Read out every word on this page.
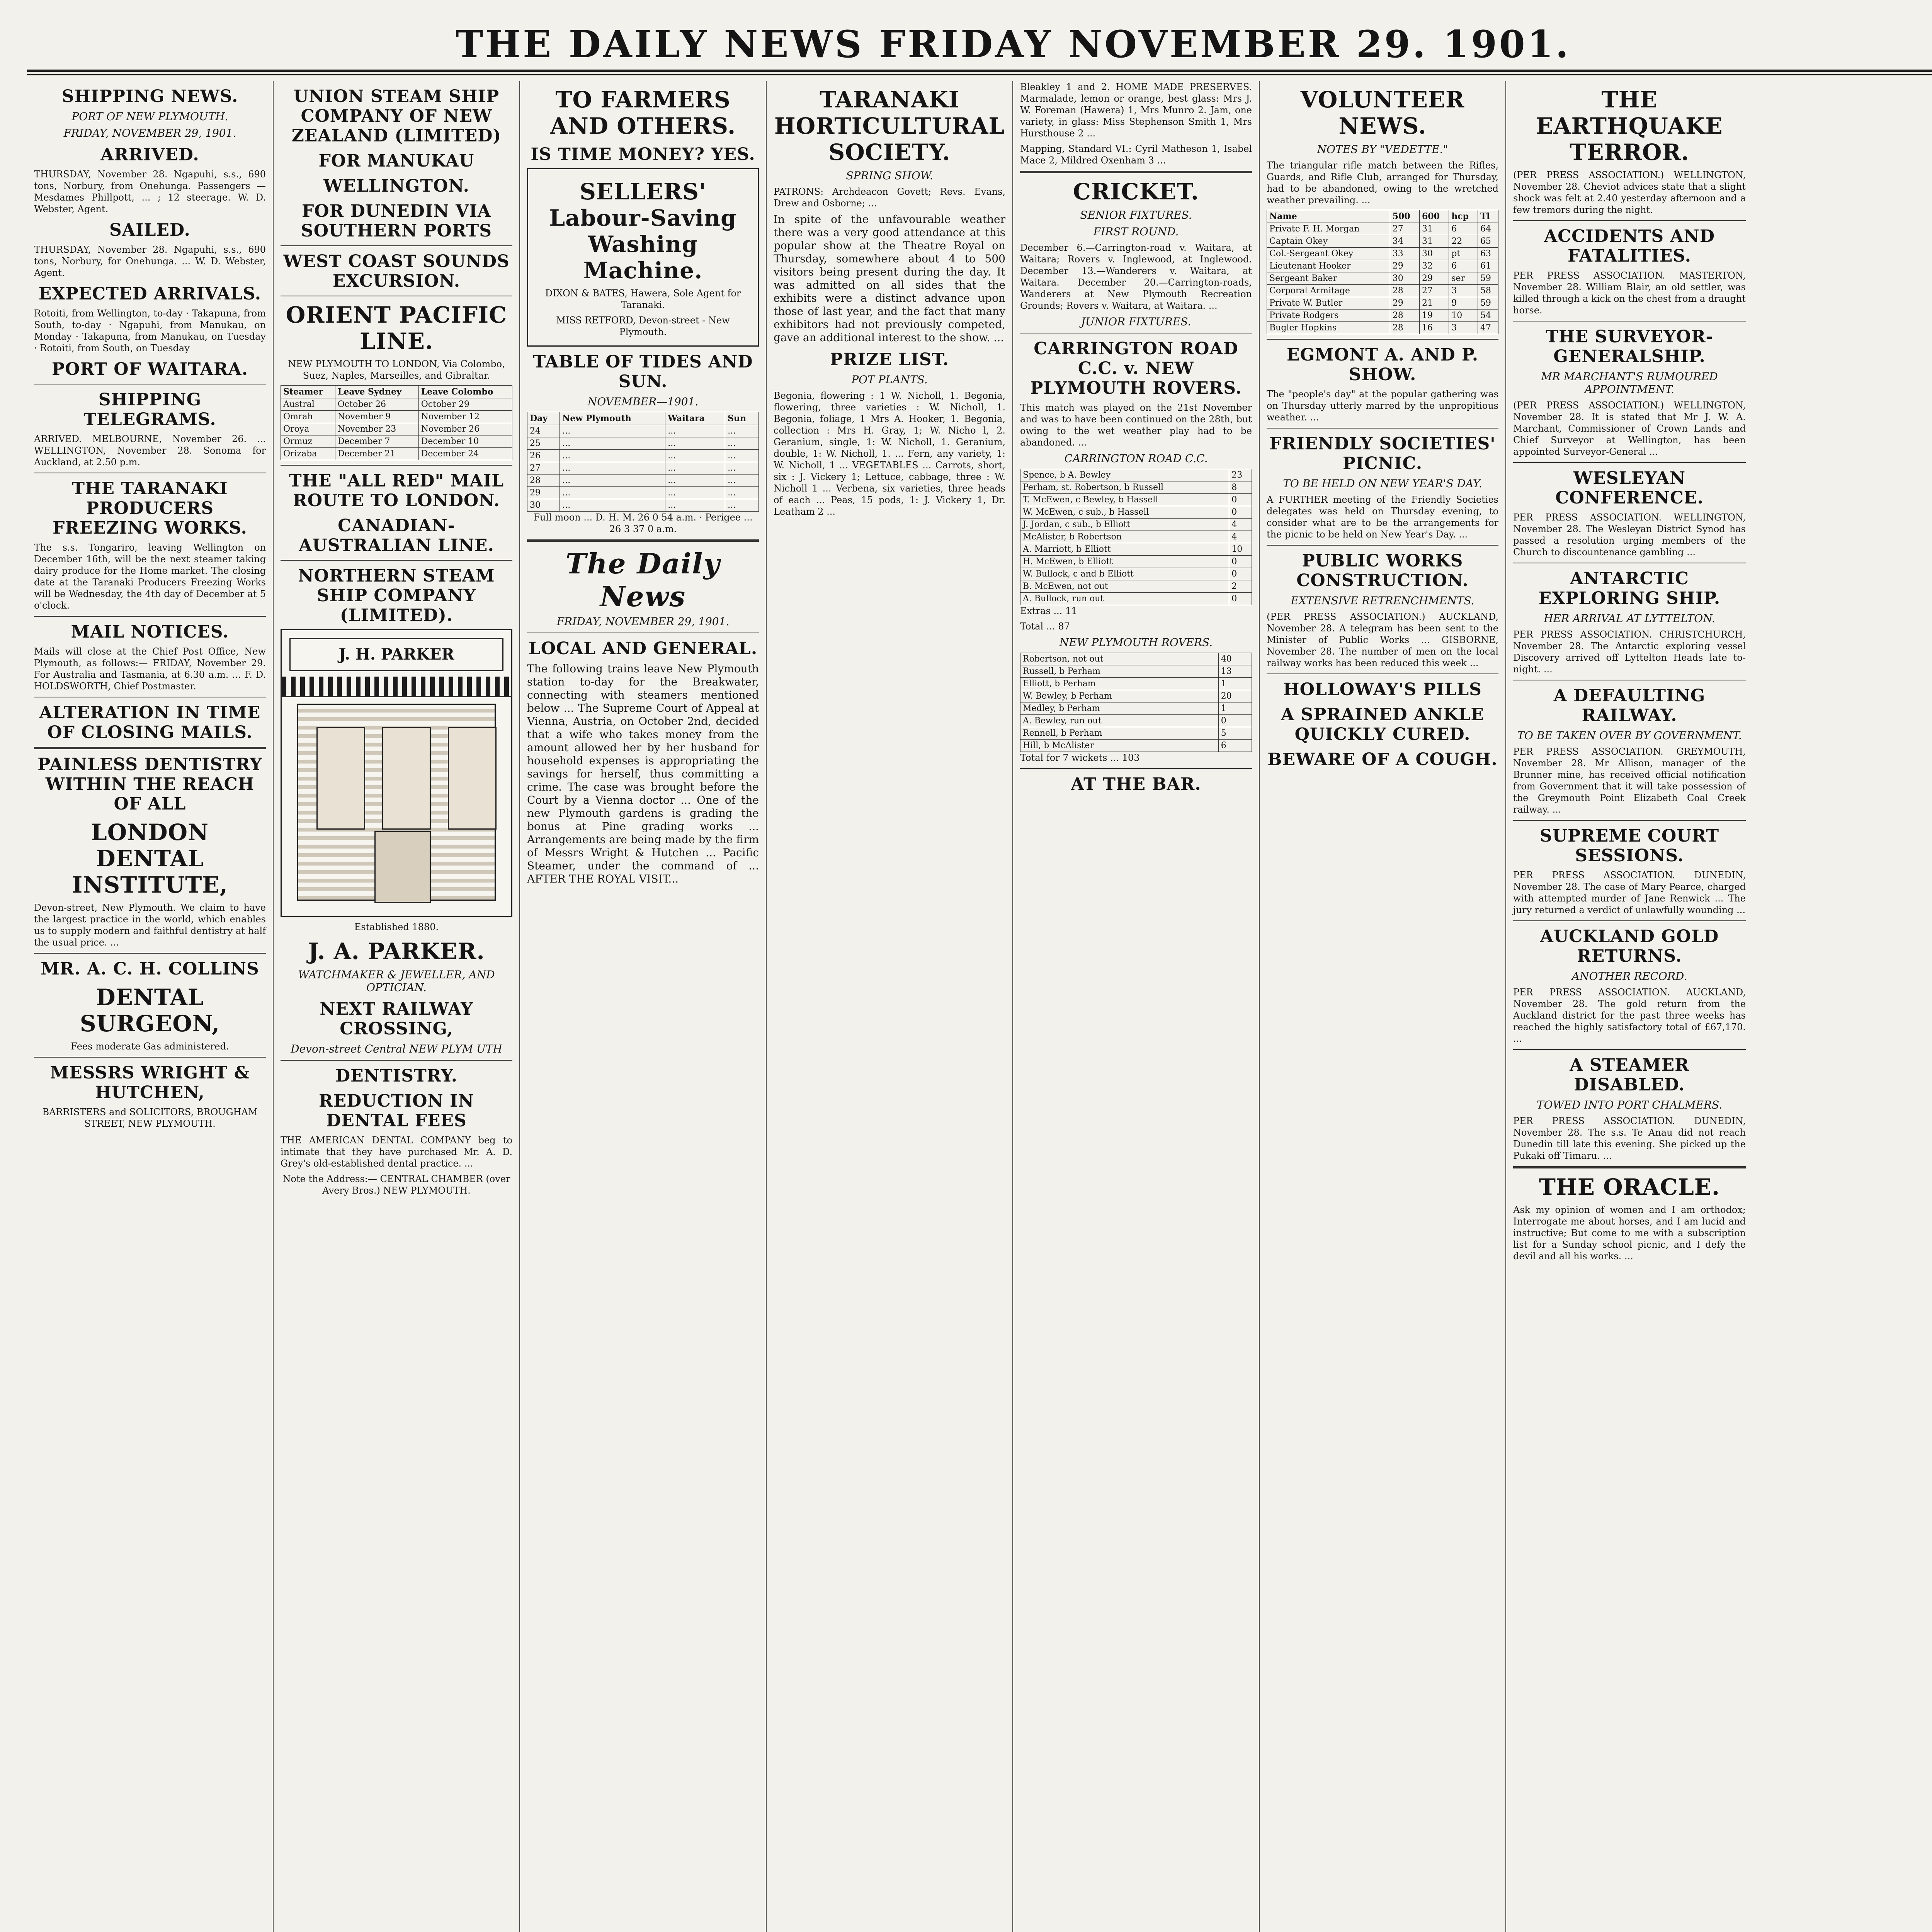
THE DAILY NEWS FRIDAY NOVEMBER 29. 1901.
SHIPPING NEWS.
PORT OF NEW PLYMOUTH.
FRIDAY, NOVEMBER 29, 1901.
ARRIVED.
THURSDAY, November 28. Ngapuhi, s.s., 690 tons, Norbury, from Onehunga. Passengers — Mesdames Phillpott, ... ; 12 steerage. W. D. Webster, Agent.
SAILED.
THURSDAY, November 28. Ngapuhi, s.s., 690 tons, Norbury, for Onehunga. ... W. D. Webster, Agent.
EXPECTED ARRIVALS.
Rotoiti, from Wellington, to-day · Takapuna, from South, to-day · Ngapuhi, from Manukau, on Monday · Takapuna, from Manukau, on Tuesday · Rotoiti, from South, on Tuesday
PORT OF WAITARA.
SHIPPING TELEGRAMS.
ARRIVED. MELBOURNE, November 26. ... WELLINGTON, November 28. Sonoma for Auckland, at 2.50 p.m.
THE TARANAKI PRODUCERS FREEZING WORKS.
The s.s. Tongariro, leaving Wellington on December 16th, will be the next steamer taking dairy produce for the Home market. The closing date at the Taranaki Producers Freezing Works will be Wednesday, the 4th day of December at 5 o'clock.
MAIL NOTICES.
Mails will close at the Chief Post Office, New Plymouth, as follows:— FRIDAY, November 29. For Australia and Tasmania, at 6.30 a.m. ... F. D. HOLDSWORTH, Chief Postmaster.
ALTERATION IN TIME OF CLOSING MAILS.
PAINLESS DENTISTRY WITHIN THE REACH OF ALL
LONDON DENTAL INSTITUTE,
Devon-street, New Plymouth. We claim to have the largest practice in the world, which enables us to supply modern and faithful dentistry at half the usual price. ...
MR. A. C. H. COLLINS
DENTAL SURGEON,
Fees moderate Gas administered.
MESSRS WRIGHT & HUTCHEN,
BARRISTERS and SOLICITORS, BROUGHAM STREET, NEW PLYMOUTH.
UNION STEAM SHIP COMPANY OF NEW ZEALAND (LIMITED)
FOR MANUKAU
WELLINGTON.
FOR DUNEDIN VIA SOUTHERN PORTS
WEST COAST SOUNDS EXCURSION.
ORIENT PACIFIC LINE.
NEW PLYMOUTH TO LONDON, Via Colombo, Suez, Naples, Marseilles, and Gibraltar.
Steamer	Leave Sydney	Leave Colombo
Austral	October 26	October 29
Omrah	November 9	November 12
Oroya	November 23	November 26
Ormuz	December 7	December 10
Orizaba	December 21	December 24
THE "ALL RED" MAIL ROUTE TO LONDON.
CANADIAN-AUSTRALIAN LINE.
NORTHERN STEAM SHIP COMPANY (LIMITED).
J. H. PARKER
Established 1880.
J. A. PARKER.
WATCHMAKER & JEWELLER, AND OPTICIAN.
NEXT RAILWAY CROSSING,
Devon-street Central NEW PLYM UTH
DENTISTRY.
REDUCTION IN DENTAL FEES
THE AMERICAN DENTAL COMPANY beg to intimate that they have purchased Mr. A. D. Grey's old-established dental practice. ...
Note the Address:— CENTRAL CHAMBER (over Avery Bros.) NEW PLYMOUTH.
TO FARMERS AND OTHERS.
IS TIME MONEY? YES.
SELLERS' Labour-Saving Washing Machine.
DIXON & BATES, Hawera, Sole Agent for Taranaki.
MISS RETFORD, Devon-street - New Plymouth.
TABLE OF TIDES AND SUN.
NOVEMBER—1901.
Day	New Plymouth	Waitara	Sun
24	...	...	...
25	...	...	...
26	...	...	...
27	...	...	...
28	...	...	...
29	...	...	...
30	...	...	...
Full moon ... D. H. M. 26 0 54 a.m. · Perigee ... 26 3 37 0 a.m.
The Daily News
FRIDAY, NOVEMBER 29, 1901.
LOCAL AND GENERAL.
The following trains leave New Plymouth station to-day for the Breakwater, connecting with steamers mentioned below ... The Supreme Court of Appeal at Vienna, Austria, on October 2nd, decided that a wife who takes money from the amount allowed her by her husband for household expenses is appropriating the savings for herself, thus committing a crime. The case was brought before the Court by a Vienna doctor ... One of the new Plymouth gardens is grading the bonus at Pine grading works ... Arrangements are being made by the firm of Messrs Wright & Hutchen ... Pacific Steamer, under the command of ... AFTER THE ROYAL VISIT...
TARANAKI HORTICULTURAL SOCIETY.
SPRING SHOW.
PATRONS: Archdeacon Govett; Revs. Evans, Drew and Osborne; ...
In spite of the unfavourable weather there was a very good attendance at this popular show at the Theatre Royal on Thursday, somewhere about 4 to 500 visitors being present during the day. It was admitted on all sides that the exhibits were a distinct advance upon those of last year, and the fact that many exhibitors had not previously competed, gave an additional interest to the show. ...
PRIZE LIST.
POT PLANTS.
Begonia, flowering : 1 W. Nicholl, 1. Begonia, flowering, three varieties : W. Nicholl, 1. Begonia, foliage, 1 Mrs A. Hooker, 1. Begonia, collection : Mrs H. Gray, 1; W. Nicho l, 2. Geranium, single, 1: W. Nicholl, 1. Geranium, double, 1: W. Nicholl, 1. ... Fern, any variety, 1: W. Nicholl, 1 ... VEGETABLES ... Carrots, short, six : J. Vickery 1; Lettuce, cabbage, three : W. Nicholl 1 ... Verbena, six varieties, three heads of each ... Peas, 15 pods, 1: J. Vickery 1, Dr. Leatham 2 ...
Bleakley 1 and 2. HOME MADE PRESERVES. Marmalade, lemon or orange, best glass: Mrs J. W. Foreman (Hawera) 1, Mrs Munro 2. Jam, one variety, in glass: Miss Stephenson Smith 1, Mrs Hursthouse 2 ...
Mapping, Standard VI.: Cyril Matheson 1, Isabel Mace 2, Mildred Oxenham 3 ...
CRICKET.
SENIOR FIXTURES.
FIRST ROUND.
December 6.—Carrington-road v. Waitara, at Waitara; Rovers v. Inglewood, at Inglewood. December 13.—Wanderers v. Waitara, at Waitara. December 20.—Carrington-roads, Wanderers at New Plymouth Recreation Grounds; Rovers v. Waitara, at Waitara. ...
JUNIOR FIXTURES.
CARRINGTON ROAD C.C. v. NEW PLYMOUTH ROVERS.
This match was played on the 21st November and was to have been continued on the 28th, but owing to the wet weather play had to be abandoned. ...
CARRINGTON ROAD C.C.
Spence, b A. Bewley	23
Perham, st. Robertson, b Russell	8
T. McEwen, c Bewley, b Hassell	0
W. McEwen, c sub., b Hassell	0
J. Jordan, c sub., b Elliott	4
McAlister, b Robertson	4
A. Marriott, b Elliott	10
H. McEwen, b Elliott	0
W. Bullock, c and b Elliott	0
B. McEwen, not out	2
A. Bullock, run out	0
Extras ... 11
Total ... 87
NEW PLYMOUTH ROVERS.
Robertson, not out	40
Russell, b Perham	13
Elliott, b Perham	1
W. Bewley, b Perham	20
Medley, b Perham	1
A. Bewley, run out	0
Rennell, b Perham	5
Hill, b McAlister	6
Total for 7 wickets ... 103
AT THE BAR.
VOLUNTEER NEWS.
NOTES BY "VEDETTE."
The triangular rifle match between the Rifles, Guards, and Rifle Club, arranged for Thursday, had to be abandoned, owing to the wretched weather prevailing. ...
Name	500	600	hcp	Tl
Private F. H. Morgan	27	31	6	64
Captain Okey	34	31	22	65
Col.-Sergeant Okey	33	30	pt	63
Lieutenant Hooker	29	32	6	61
Sergeant Baker	30	29	ser	59
Corporal Armitage	28	27	3	58
Private W. Butler	29	21	9	59
Private Rodgers	28	19	10	54
Bugler Hopkins	28	16	3	47
EGMONT A. AND P. SHOW.
The "people's day" at the popular gathering was on Thursday utterly marred by the unpropitious weather. ...
FRIENDLY SOCIETIES' PICNIC.
TO BE HELD ON NEW YEAR'S DAY.
A FURTHER meeting of the Friendly Societies delegates was held on Thursday evening, to consider what are to be the arrangements for the picnic to be held on New Year's Day. ...
PUBLIC WORKS CONSTRUCTION.
EXTENSIVE RETRENCHMENTS.
(PER PRESS ASSOCIATION.) AUCKLAND, November 28. A telegram has been sent to the Minister of Public Works ... GISBORNE, November 28. The number of men on the local railway works has been reduced this week ...
HOLLOWAY'S PILLS
A SPRAINED ANKLE QUICKLY CURED.
BEWARE OF A COUGH.
THE EARTHQUAKE TERROR.
(PER PRESS ASSOCIATION.) WELLINGTON, November 28. Cheviot advices state that a slight shock was felt at 2.40 yesterday afternoon and a few tremors during the night.
ACCIDENTS AND FATALITIES.
PER PRESS ASSOCIATION. MASTERTON, November 28. William Blair, an old settler, was killed through a kick on the chest from a draught horse.
THE SURVEYOR-GENERALSHIP.
MR MARCHANT'S RUMOURED APPOINTMENT.
(PER PRESS ASSOCIATION.) WELLINGTON, November 28. It is stated that Mr J. W. A. Marchant, Commissioner of Crown Lands and Chief Surveyor at Wellington, has been appointed Surveyor-General ...
WESLEYAN CONFERENCE.
PER PRESS ASSOCIATION. WELLINGTON, November 28. The Wesleyan District Synod has passed a resolution urging members of the Church to discountenance gambling ...
ANTARCTIC EXPLORING SHIP.
HER ARRIVAL AT LYTTELTON.
PER PRESS ASSOCIATION. CHRISTCHURCH, November 28. The Antarctic exploring vessel Discovery arrived off Lyttelton Heads late to-night. ...
A DEFAULTING RAILWAY.
TO BE TAKEN OVER BY GOVERNMENT.
PER PRESS ASSOCIATION. GREYMOUTH, November 28. Mr Allison, manager of the Brunner mine, has received official notification from Government that it will take possession of the Greymouth Point Elizabeth Coal Creek railway. ...
SUPREME COURT SESSIONS.
PER PRESS ASSOCIATION. DUNEDIN, November 28. The case of Mary Pearce, charged with attempted murder of Jane Renwick ... The jury returned a verdict of unlawfully wounding ...
AUCKLAND GOLD RETURNS.
ANOTHER RECORD.
PER PRESS ASSOCIATION. AUCKLAND, November 28. The gold return from the Auckland district for the past three weeks has reached the highly satisfactory total of £67,170. ...
A STEAMER DISABLED.
TOWED INTO PORT CHALMERS.
PER PRESS ASSOCIATION. DUNEDIN, November 28. The s.s. Te Anau did not reach Dunedin till late this evening. She picked up the Pukaki off Timaru. ...
THE ORACLE.
Ask my opinion of women and I am orthodox; Interrogate me about horses, and I am lucid and instructive; But come to me with a subscription list for a Sunday school picnic, and I defy the devil and all his works. ...
